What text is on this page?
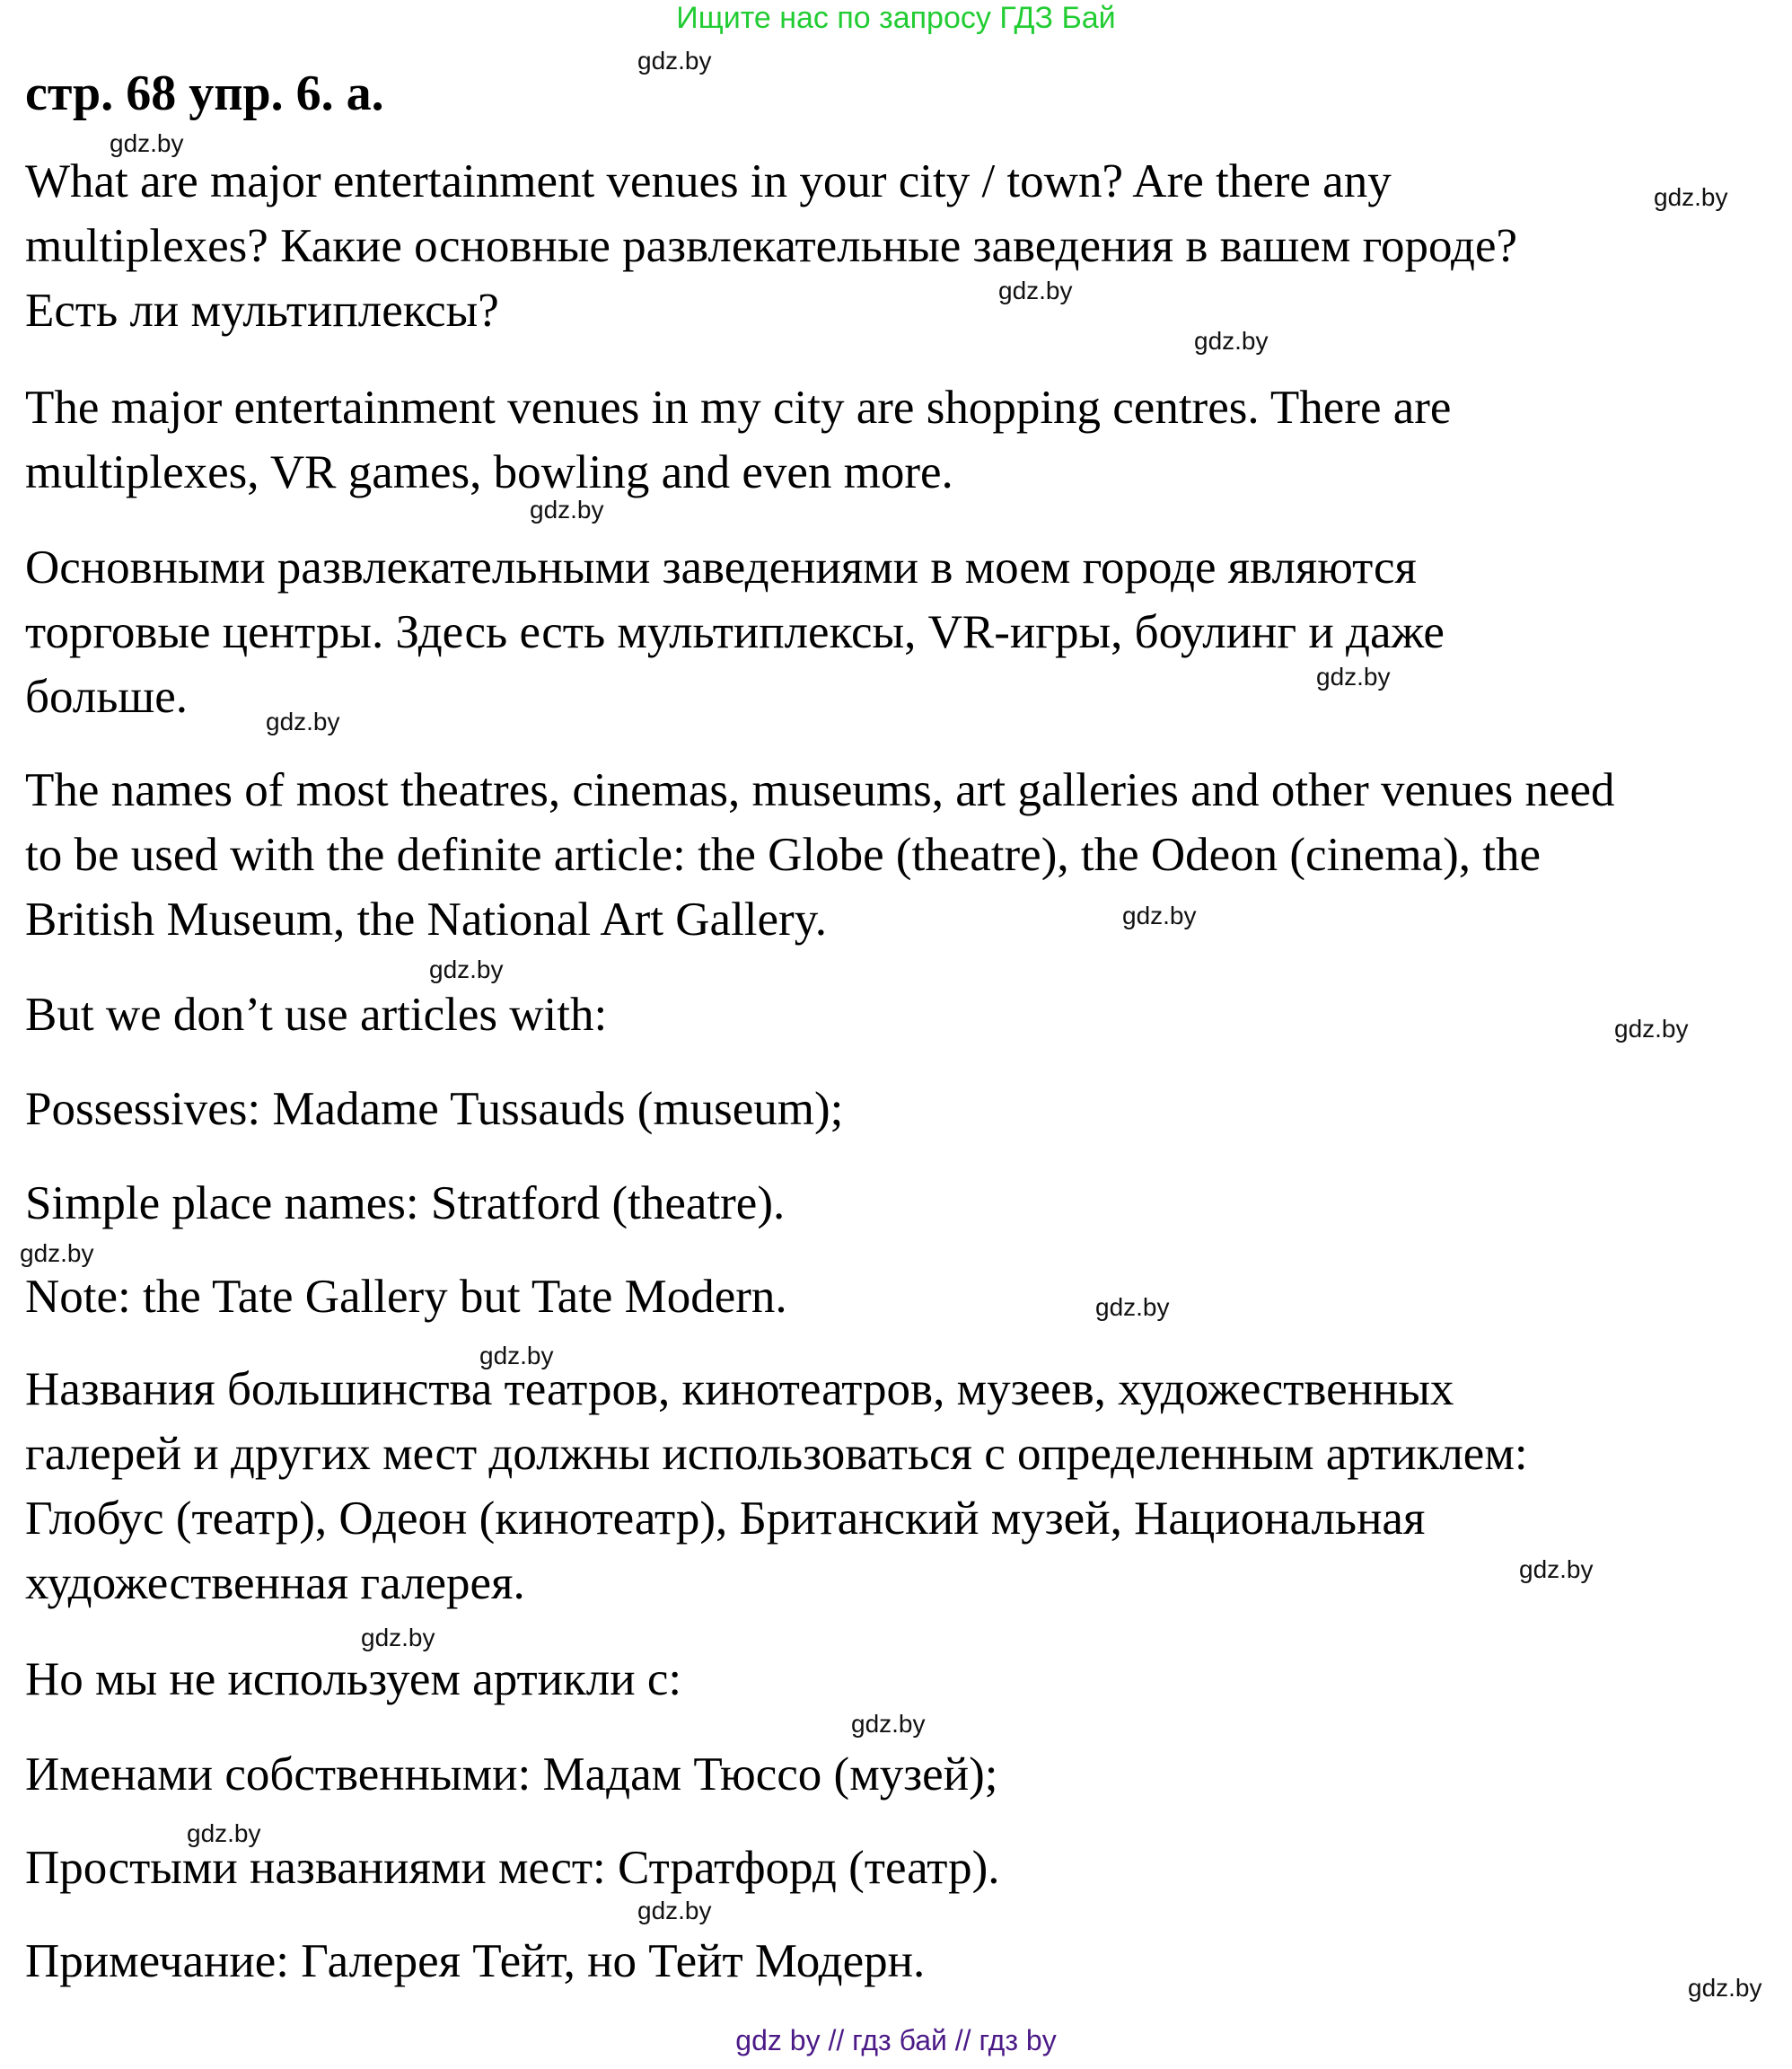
Ищите нас по запросу ГДЗ Бай
стр. 68 упр. 6. а.
What are major entertainment venues in your city / town? Are there any
multiplexes? Какие основные развлекательные заведения в вашем городе?
Есть ли мультиплексы?
The major entertainment venues in my city are shopping centres. There are
multiplexes, VR games, bowling and even more.
Основными развлекательными заведениями в моем городе являются
торговые центры. Здесь есть мультиплексы, VR-игры, боулинг и даже
больше.
The names of most theatres, cinemas, museums, art galleries and other venues need
to be used with the definite article: the Globe (theatre), the Odeon (cinema), the
British Museum, the National Art Gallery.
But we don’t use articles with:
Possessives: Madame Tussauds (museum);
Simple place names: Stratford (theatre).
Note: the Tate Gallery but Tate Modern.
Названия большинства театров, кинотеатров, музеев, художественных
галерей и других мест должны использоваться с определенным артиклем:
Глобус (театр), Одеон (кинотеатр), Британский музей, Национальная
художественная галерея.
Но мы не используем артикли с:
Именами собственными: Мадам Тюссо (музей);
Простыми названиями мест: Стратфорд (театр).
Примечание: Галерея Тейт, но Тейт Модерн.
gdz.by
gdz.by
gdz.by
gdz.by
gdz.by
gdz.by
gdz.by
gdz.by
gdz.by
gdz.by
gdz.by
gdz.by
gdz.by
gdz.by
gdz.by
gdz.by
gdz.by
gdz.by
gdz.by
gdz.by
gdz by // гдз бай // гдз by
